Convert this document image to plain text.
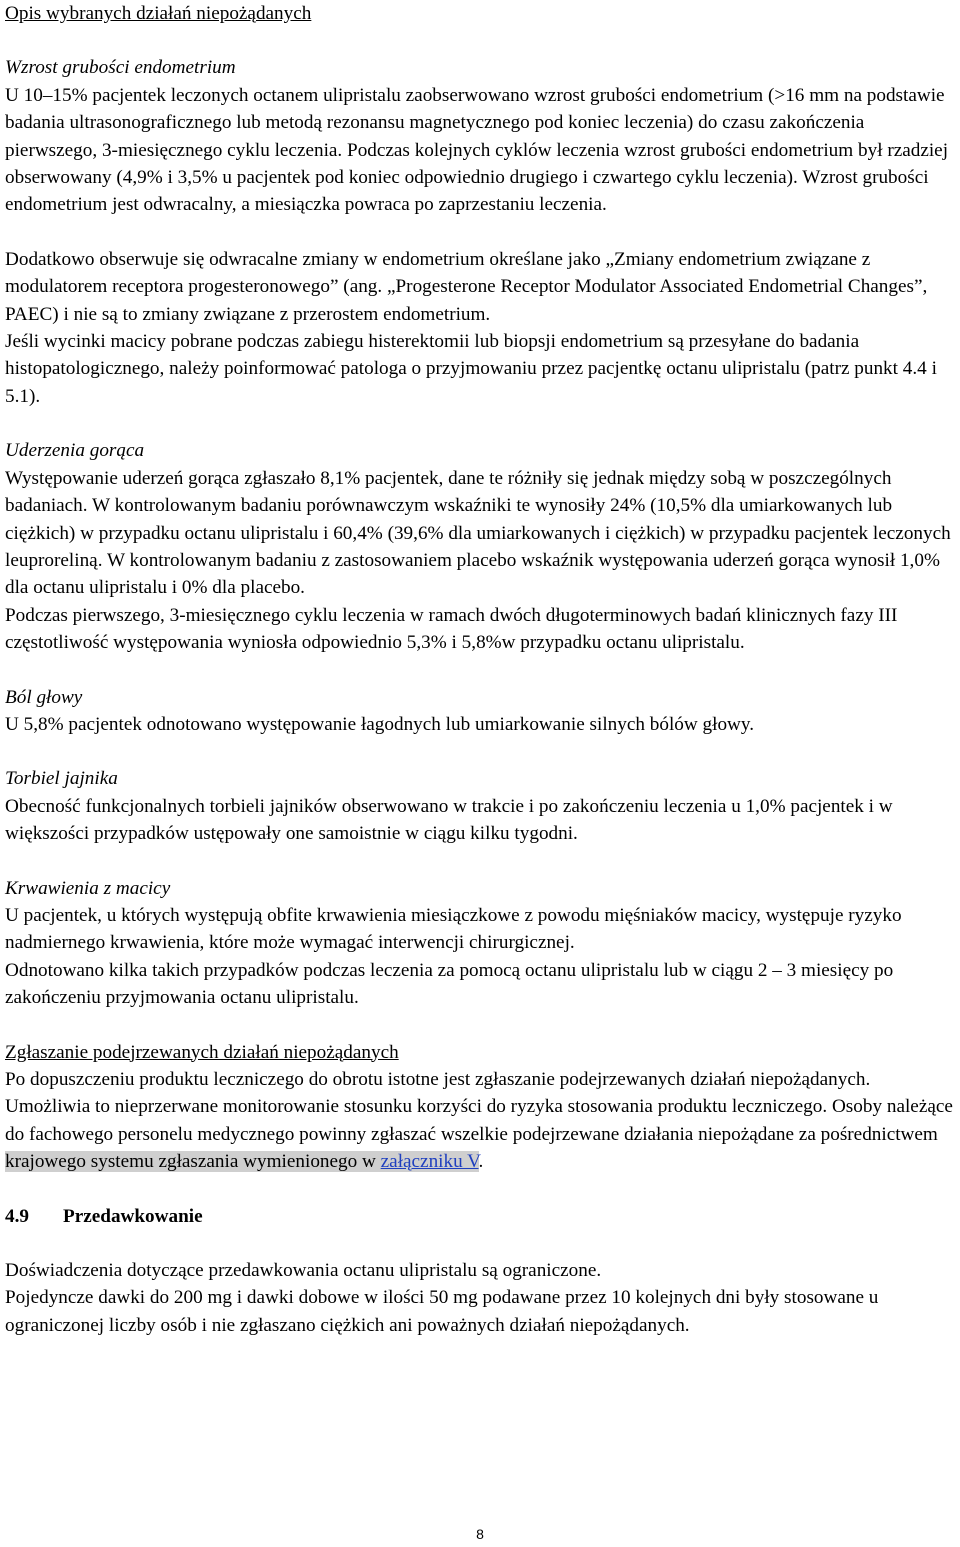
Opis wybranych działań niepożądanych

Wzrost grubości endometrium

U 10–15% pacjentek leczonych octanem ulipristalu zaobserwowano wzrost grubości endometrium (>16 mm na podstawie badania ultrasonograficznego lub metodą rezonansu magnetycznego pod koniec leczenia) do czasu zakończenia pierwszego, 3-miesięcznego cyklu leczenia. Podczas kolejnych cyklów leczenia wzrost grubości endometrium był rzadziej obserwowany (4,9% i 3,5% u pacjentek pod koniec odpowiednio drugiego i czwartego cyklu leczenia). Wzrost grubości endometrium jest odwracalny, a miesiączka powraca po zaprzestaniu leczenia.

Dodatkowo obserwuje się odwracalne zmiany w endometrium określane jako „Zmiany endometrium związane z modulatorem receptora progesteronowego” (ang. „Progesterone Receptor Modulator Associated Endometrial Changes”, PAEC) i nie są to zmiany związane z przerostem endometrium.

Jeśli wycinki macicy pobrane podczas zabiegu histerektomii lub biopsji endometrium są przesyłane do badania histopatologicznego, należy poinformować patologa o przyjmowaniu przez pacjentkę octanu ulipristalu (patrz punkt 4.4 i 5.1).

Uderzenia gorąca

Występowanie uderzeń gorąca zgłaszało 8,1% pacjentek, dane te różniły się jednak między sobą w poszczególnych badaniach. W kontrolowanym badaniu porównawczym wskaźniki te wynosiły 24% (10,5% dla umiarkowanych lub ciężkich) w przypadku octanu ulipristalu i 60,4% (39,6% dla umiarkowanych i ciężkich) w przypadku pacjentek leczonych leuproreliną. W kontrolowanym badaniu z zastosowaniem placebo wskaźnik występowania uderzeń gorąca wynosił 1,0% dla octanu ulipristalu i 0% dla placebo.

Podczas pierwszego, 3-miesięcznego cyklu leczenia w ramach dwóch długoterminowych badań klinicznych fazy III częstotliwość występowania wyniosła odpowiednio 5,3% i 5,8%w przypadku octanu ulipristalu.

Ból głowy

U 5,8% pacjentek odnotowano występowanie łagodnych lub umiarkowanie silnych bólów głowy.

Torbiel jajnika

Obecność funkcjonalnych torbieli jajników obserwowano w trakcie i po zakończeniu leczenia u 1,0% pacjentek i w większości przypadków ustępowały one samoistnie w ciągu kilku tygodni.

Krwawienia z macicy

U pacjentek, u których występują obfite krwawienia miesiączkowe z powodu mięśniaków macicy, występuje ryzyko nadmiernego krwawienia, które może wymagać interwencji chirurgicznej.

Odnotowano kilka takich przypadków podczas leczenia za pomocą octanu ulipristalu lub w ciągu 2 – 3 miesięcy po zakończeniu przyjmowania octanu ulipristalu.

Zgłaszanie podejrzewanych działań niepożądanych

Po dopuszczeniu produktu leczniczego do obrotu istotne jest zgłaszanie podejrzewanych działań niepożądanych. Umożliwia to nieprzerwane monitorowanie stosunku korzyści do ryzyka stosowania produktu leczniczego. Osoby należące do fachowego personelu medycznego powinny zgłaszać wszelkie podejrzewane działania niepożądane za pośrednictwem krajowego systemu zgłaszania wymienionego w załączniku V.

4.9 Przedawkowanie

Doświadczenia dotyczące przedawkowania octanu ulipristalu są ograniczone.

Pojedyncze dawki do 200 mg i dawki dobowe w ilości 50 mg podawane przez 10 kolejnych dni były stosowane u ograniczonej liczby osób i nie zgłaszano ciężkich ani poważnych działań niepożądanych.

8
